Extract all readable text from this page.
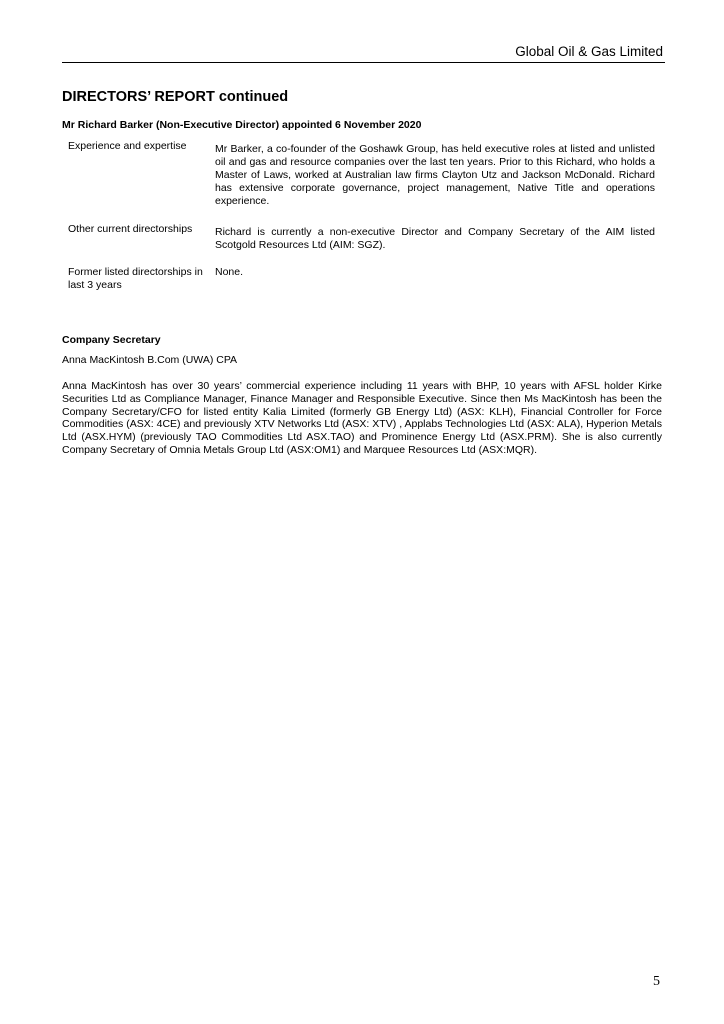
Global Oil & Gas Limited
DIRECTORS’ REPORT continued
Mr Richard Barker (Non-Executive Director) appointed 6 November 2020
Experience and expertise	Mr Barker, a co-founder of the Goshawk Group, has held executive roles at listed and unlisted oil and gas and resource companies over the last ten years. Prior to this Richard, who holds a Master of Laws, worked at Australian law firms Clayton Utz and Jackson McDonald. Richard has extensive corporate governance, project management, Native Title and operations experience.
Other current directorships	Richard is currently a non-executive Director and Company Secretary of the AIM listed Scotgold Resources Ltd (AIM: SGZ).
Former listed directorships in last 3 years
None.
Company Secretary
Anna MacKintosh B.Com (UWA) CPA
Anna MacKintosh has over 30 years’ commercial experience including 11 years with BHP, 10 years with AFSL holder Kirke Securities Ltd as Compliance Manager, Finance Manager and Responsible Executive. Since then Ms MacKintosh has been the Company Secretary/CFO for listed entity Kalia Limited (formerly GB Energy Ltd) (ASX: KLH), Financial Controller for Force Commodities (ASX: 4CE) and previously XTV Networks Ltd (ASX: XTV) , Applabs Technologies Ltd (ASX: ALA), Hyperion Metals Ltd (ASX.HYM) (previously TAO Commodities Ltd ASX.TAO) and Prominence Energy Ltd (ASX.PRM). She is also currently Company Secretary of Omnia Metals Group Ltd (ASX:OM1) and Marquee Resources Ltd (ASX:MQR).
5
